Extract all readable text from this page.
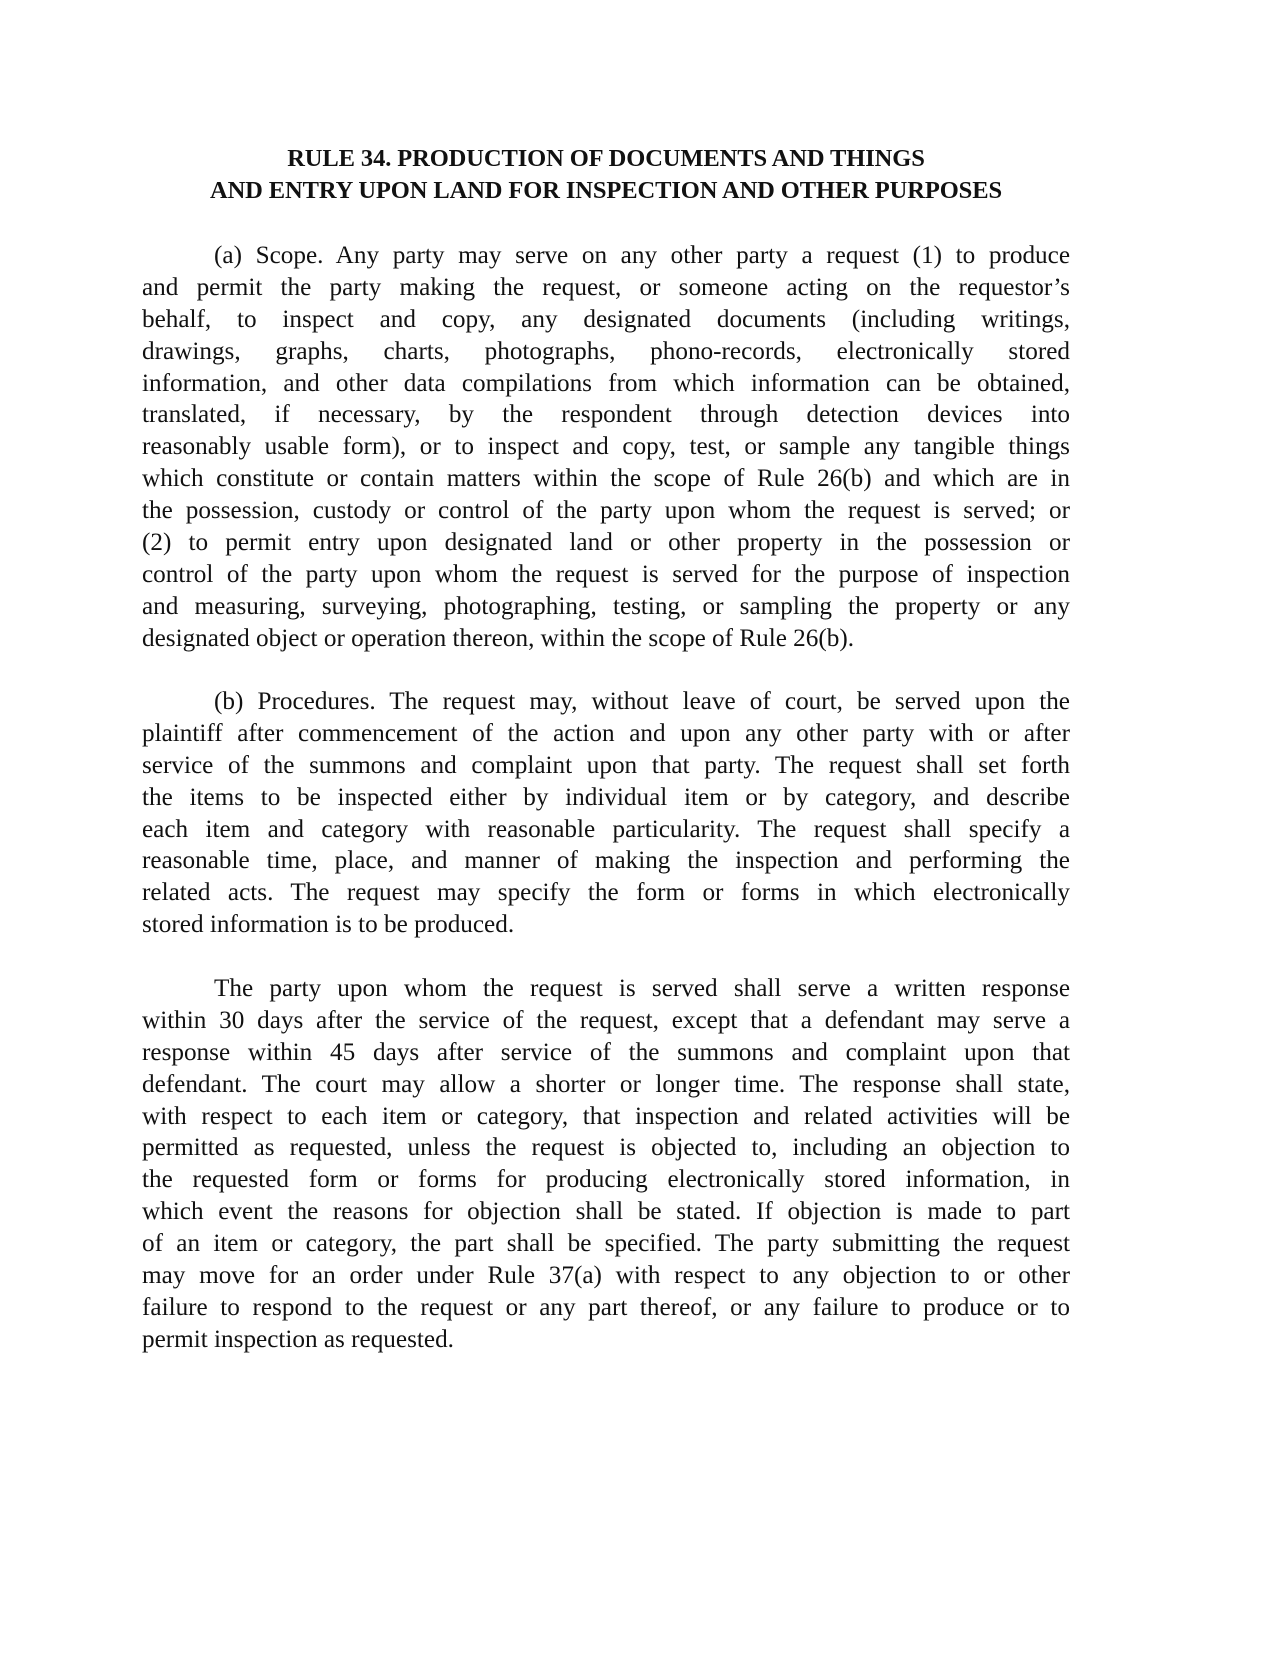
RULE 34. PRODUCTION OF DOCUMENTS AND THINGS
AND ENTRY UPON LAND FOR INSPECTION AND OTHER PURPOSES
(a) Scope. Any party may serve on any other party a request (1) to produce
and permit the party making the request, or someone acting on the requestor’s
behalf, to inspect and copy, any designated documents (including writings,
drawings, graphs, charts, photographs, phono-records, electronically stored
information, and other data compilations from which information can be obtained,
translated, if necessary, by the respondent through detection devices into
reasonably usable form), or to inspect and copy, test, or sample any tangible things
which constitute or contain matters within the scope of Rule 26(b) and which are in
the possession, custody or control of the party upon whom the request is served; or
(2) to permit entry upon designated land or other property in the possession or
control of the party upon whom the request is served for the purpose of inspection
and measuring, surveying, photographing, testing, or sampling the property or any
designated object or operation thereon, within the scope of Rule 26(b).
(b) Procedures. The request may, without leave of court, be served upon the
plaintiff after commencement of the action and upon any other party with or after
service of the summons and complaint upon that party. The request shall set forth
the items to be inspected either by individual item or by category, and describe
each item and category with reasonable particularity. The request shall specify a
reasonable time, place, and manner of making the inspection and performing the
related acts. The request may specify the form or forms in which electronically
stored information is to be produced.
The party upon whom the request is served shall serve a written response
within 30 days after the service of the request, except that a defendant may serve a
response within 45 days after service of the summons and complaint upon that
defendant. The court may allow a shorter or longer time. The response shall state,
with respect to each item or category, that inspection and related activities will be
permitted as requested, unless the request is objected to, including an objection to
the requested form or forms for producing electronically stored information, in
which event the reasons for objection shall be stated. If objection is made to part
of an item or category, the part shall be specified. The party submitting the request
may move for an order under Rule 37(a) with respect to any objection to or other
failure to respond to the request or any part thereof, or any failure to produce or to
permit inspection as requested.
